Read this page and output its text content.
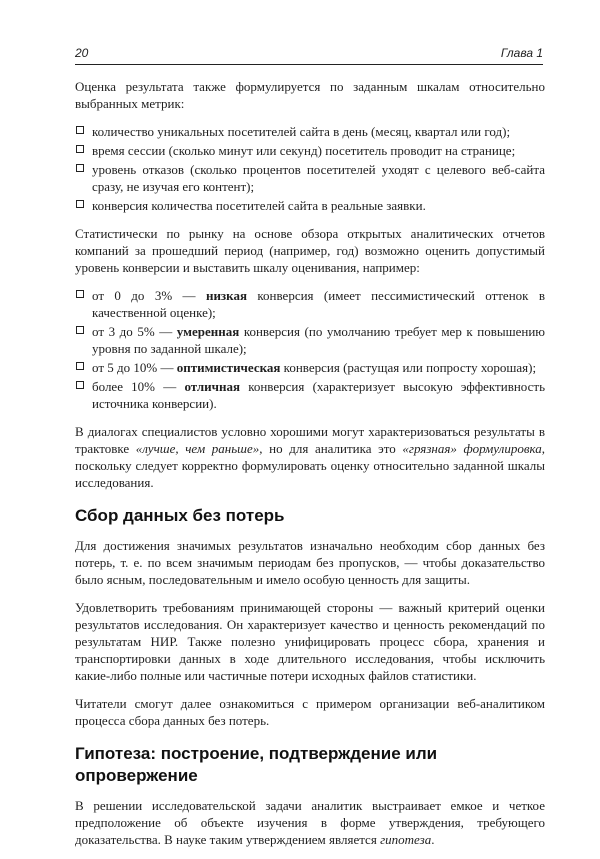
20	Глава 1

Оценка результата также формулируется по заданным шкалам относительно выбранных метрик:

количество уникальных посетителей сайта в день (месяц, квартал или год);
время сессии (сколько минут или секунд) посетитель проводит на странице;
уровень отказов (сколько процентов посетителей уходят с целевого веб-сайта сразу, не изучая его контент);
конверсия количества посетителей сайта в реальные заявки.

Статистически по рынку на основе обзора открытых аналитических отчетов компаний за прошедший период (например, год) возможно оценить допустимый уровень конверсии и выставить шкалу оценивания, например:

от 0 до 3% — низкая конверсия (имеет пессимистический оттенок в качественной оценке);
от 3 до 5% — умеренная конверсия (по умолчанию требует мер к повышению уровня по заданной шкале);
от 5 до 10% — оптимистическая конверсия (растущая или попросту хорошая);
более 10% — отличная конверсия (характеризует высокую эффективность источника конверсии).

В диалогах специалистов условно хорошими могут характеризоваться результаты в трактовке «лучше, чем раньше», но для аналитика это «грязная» формулировка, поскольку следует корректно формулировать оценку относительно заданной шкалы исследования.

Сбор данных без потерь

Для достижения значимых результатов изначально необходим сбор данных без потерь, т. е. по всем значимым периодам без пропусков, — чтобы доказательство было ясным, последовательным и имело особую ценность для защиты.

Удовлетворить требованиям принимающей стороны — важный критерий оценки результатов исследования. Он характеризует качество и ценность рекомендаций по результатам НИР. Также полезно унифицировать процесс сбора, хранения и транспортировки данных в ходе длительного исследования, чтобы исключить какие-либо полные или частичные потери исходных файлов статистики.

Читатели смогут далее ознакомиться с примером организации веб-аналитиком процесса сбора данных без потерь.

Гипотеза: построение, подтверждение или опровержение

В решении исследовательской задачи аналитик выстраивает емкое и четкое предположение об объекте изучения в форме утверждения, требующего доказательства. В науке таким утверждением является гипотеза.
